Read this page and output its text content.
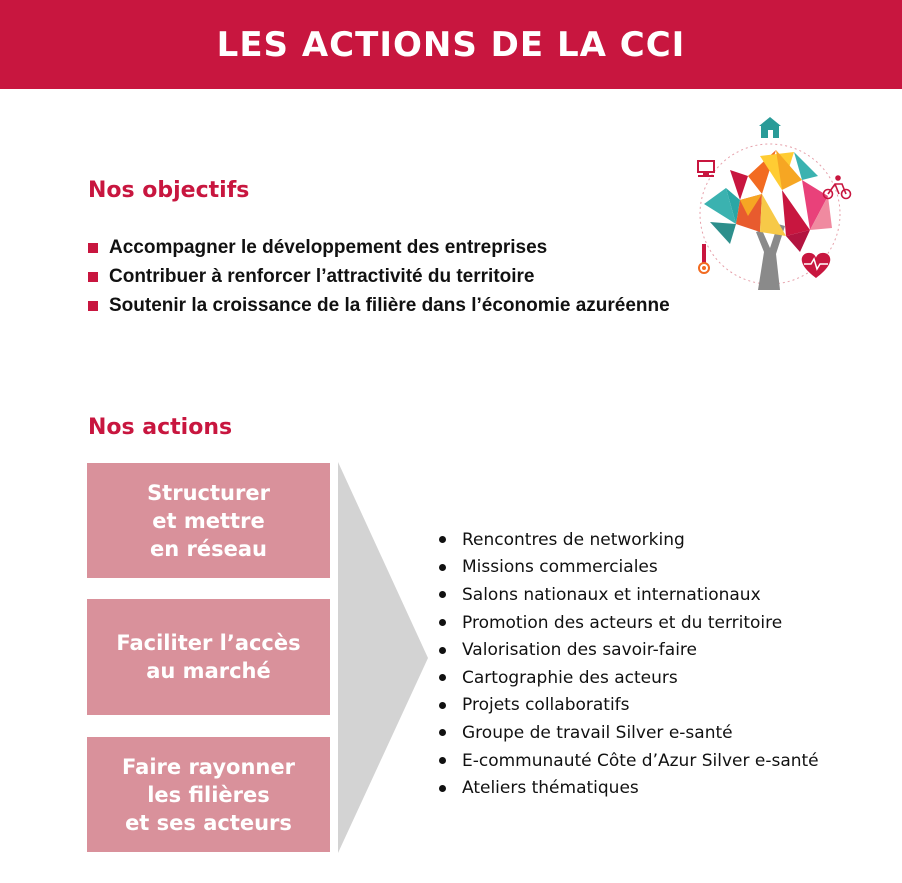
LES ACTIONS DE LA CCI
Nos objectifs
Accompagner le développement des entreprises
Contribuer à renforcer l’attractivité du territoire
Soutenir la croissance de la filière dans l’économie azuréenne
Nos actions
Structurer
et mettre
en réseau
Faciliter l’accès
au marché
Faire rayonner
les filières
et ses acteurs
Rencontres de networking
Missions commerciales
Salons nationaux et internationaux
Promotion des acteurs et du territoire
Valorisation des savoir-faire
Cartographie des acteurs
Projets collaboratifs
Groupe de travail Silver e-santé
E-communauté Côte d’Azur Silver e-santé
Ateliers thématiques
